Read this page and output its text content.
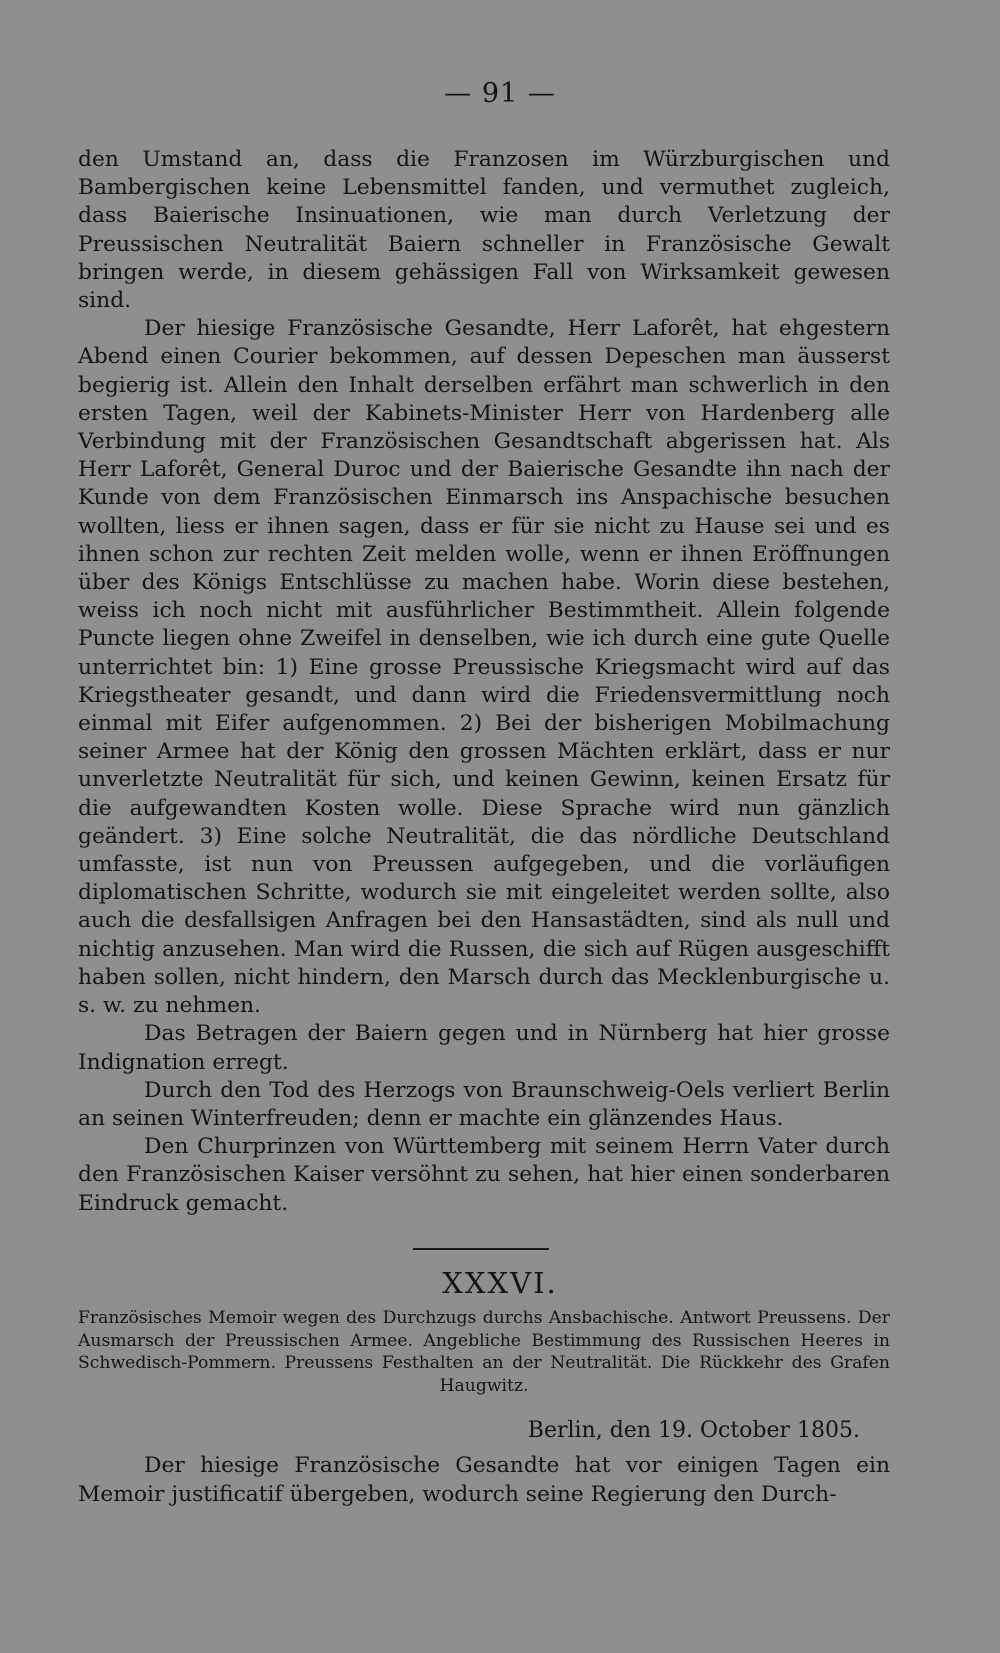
— 91 —

den Umstand an, dass die Franzosen im Würzburgischen und Bambergischen keine Lebensmittel fanden, und vermuthet zugleich, dass Baierische Insinuationen, wie man durch Verletzung der Preussischen Neutralität Baiern schneller in Französische Gewalt bringen werde, in diesem gehässigen Fall von Wirksamkeit gewesen sind.

Der hiesige Französische Gesandte, Herr Laforêt, hat ehgestern Abend einen Courier bekommen, auf dessen Depeschen man äusserst begierig ist. Allein den Inhalt derselben erfährt man schwerlich in den ersten Tagen, weil der Kabinets-Minister Herr von Hardenberg alle Verbindung mit der Französischen Gesandtschaft abgerissen hat. Als Herr Laforêt, General Duroc und der Baierische Gesandte ihn nach der Kunde von dem Französischen Einmarsch ins Anspachische besuchen wollten, liess er ihnen sagen, dass er für sie nicht zu Hause sei und es ihnen schon zur rechten Zeit melden wolle, wenn er ihnen Eröffnungen über des Königs Entschlüsse zu machen habe. Worin diese bestehen, weiss ich noch nicht mit ausführlicher Bestimmtheit. Allein folgende Puncte liegen ohne Zweifel in denselben, wie ich durch eine gute Quelle unterrichtet bin: 1) Eine grosse Preussische Kriegsmacht wird auf das Kriegstheater gesandt, und dann wird die Friedensvermittlung noch einmal mit Eifer aufgenommen. 2) Bei der bisherigen Mobilmachung seiner Armee hat der König den grossen Mächten erklärt, dass er nur unverletzte Neutralität für sich, und keinen Gewinn, keinen Ersatz für die aufgewandten Kosten wolle. Diese Sprache wird nun gänzlich geändert. 3) Eine solche Neutralität, die das nördliche Deutschland umfasste, ist nun von Preussen aufgegeben, und die vorläufigen diplomatischen Schritte, wodurch sie mit eingeleitet werden sollte, also auch die desfallsigen Anfragen bei den Hansastädten, sind als null und nichtig anzusehen. Man wird die Russen, die sich auf Rügen ausgeschifft haben sollen, nicht hindern, den Marsch durch das Mecklenburgische u. s. w. zu nehmen.

Das Betragen der Baiern gegen und in Nürnberg hat hier grosse Indignation erregt.

Durch den Tod des Herzogs von Braunschweig-Oels verliert Berlin an seinen Winterfreuden; denn er machte ein glänzendes Haus.

Den Churprinzen von Württemberg mit seinem Herrn Vater durch den Französischen Kaiser versöhnt zu sehen, hat hier einen sonderbaren Eindruck gemacht.

XXXVI.
Französisches Memoir wegen des Durchzugs durchs Ansbachische. Antwort Preussens. Der Ausmarsch der Preussischen Armee. Angebliche Bestimmung des Russischen Heeres in Schwedisch-Pommern. Preussens Festhalten an der Neutralität. Die Rückkehr des Grafen Haugwitz.
Berlin, den 19. October 1805.
Der hiesige Französische Gesandte hat vor einigen Tagen ein Memoir justificatif übergeben, wodurch seine Regierung den Durch-
